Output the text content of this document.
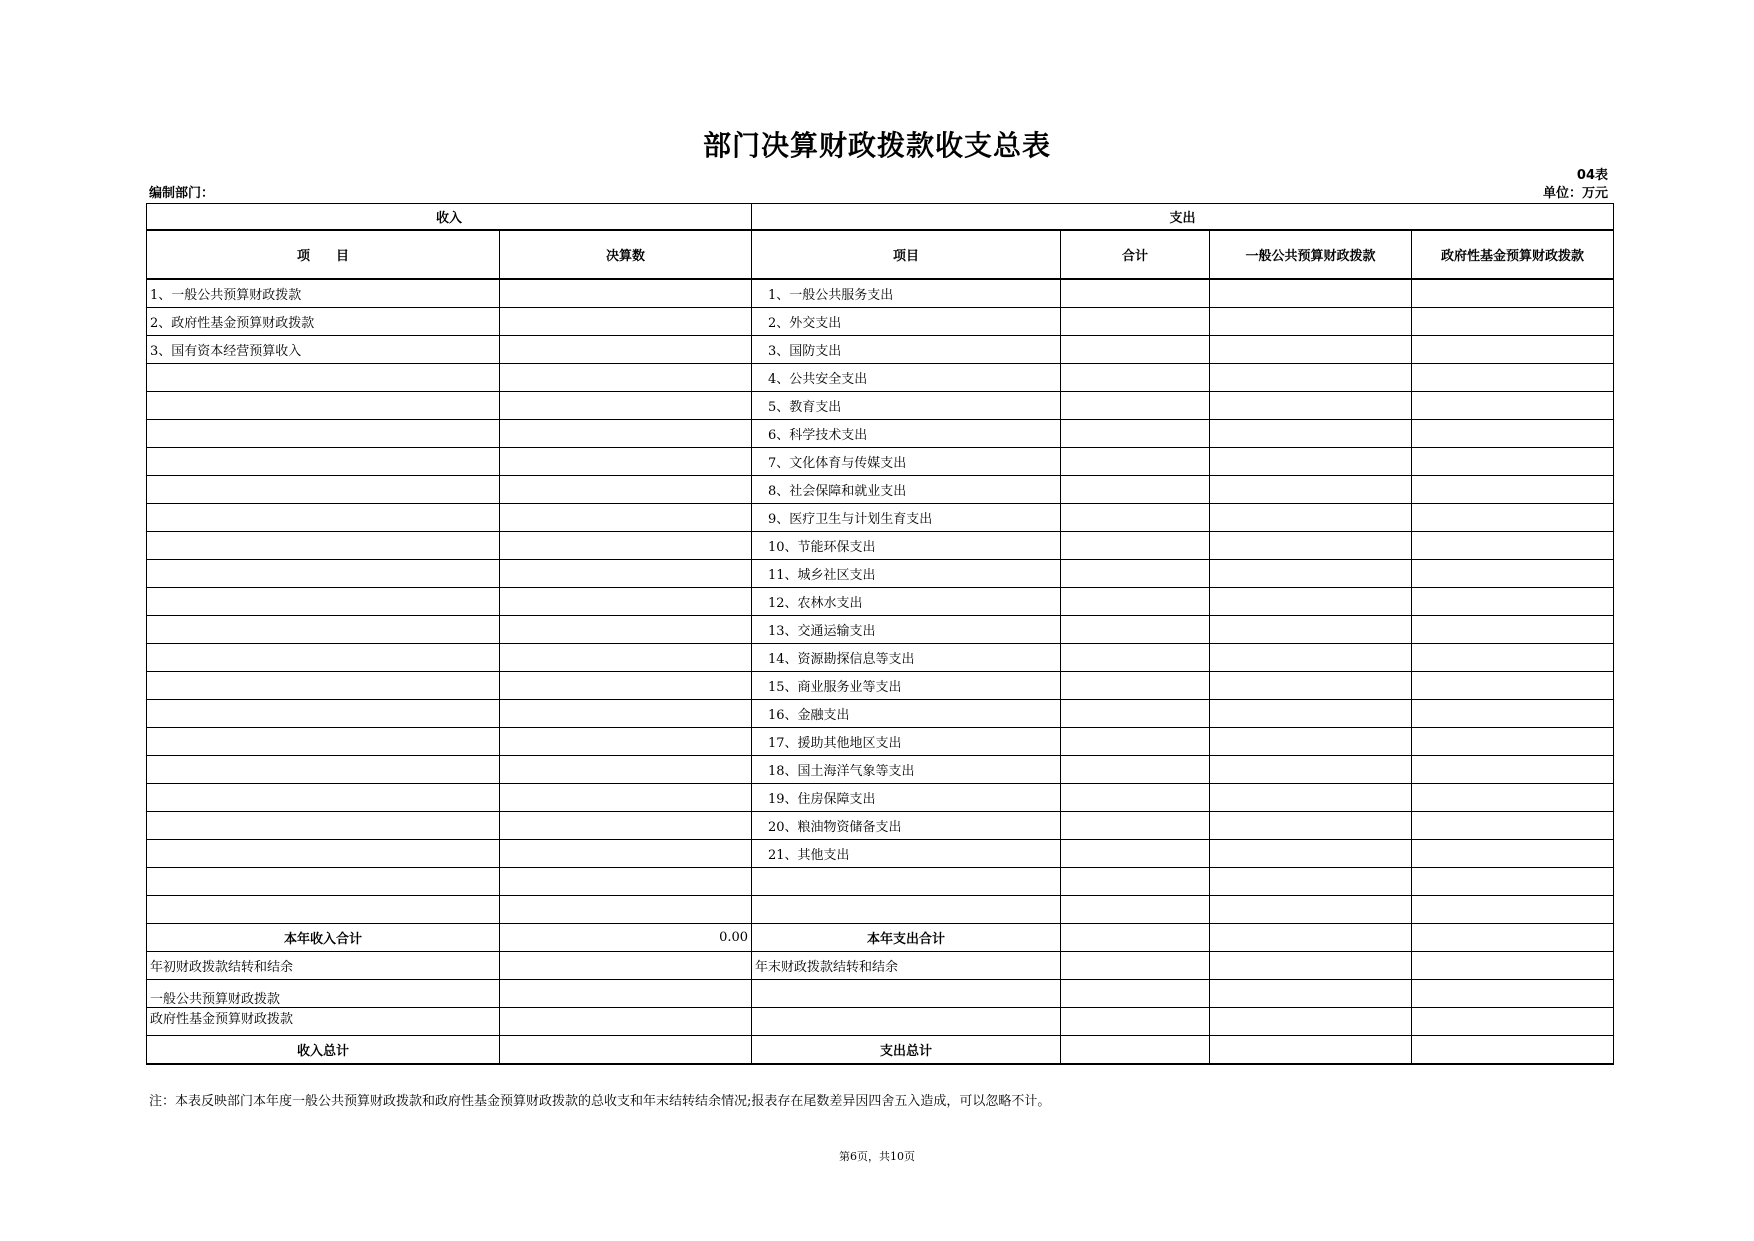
部门决算财政拨款收支总表
04表
编制部门：	单位：万元
收入		支出			
项　　目	决算数	项目	合计	一般公共预算财政拨款	政府性基金预算财政拨款
1、一般公共预算财政拨款		1、一般公共服务支出			
2、政府性基金预算财政拨款		2、外交支出			
3、国有资本经营预算收入		3、国防支出			
		4、公共安全支出			
		5、教育支出			
		6、科学技术支出			
		7、文化体育与传媒支出			
		8、社会保障和就业支出			
		9、医疗卫生与计划生育支出			
		10、节能环保支出			
		11、城乡社区支出			
		12、农林水支出			
		13、交通运输支出			
		14、资源勘探信息等支出			
		15、商业服务业等支出			
		16、金融支出			
		17、援助其他地区支出			
		18、国土海洋气象等支出			
		19、住房保障支出			
		20、粮油物资储备支出			
		21、其他支出			

本年收入合计	0.00	本年支出合计			
年初财政拨款结转和结余		年末财政拨款结转和结余			
一般公共预算财政拨款					
政府性基金预算财政拨款					
收入总计		支出总计			
注：本表反映部门本年度一般公共预算财政拨款和政府性基金预算财政拨款的总收支和年末结转结余情况;报表存在尾数差异因四舍五入造成，可以忽略不计。
第6页，共10页
